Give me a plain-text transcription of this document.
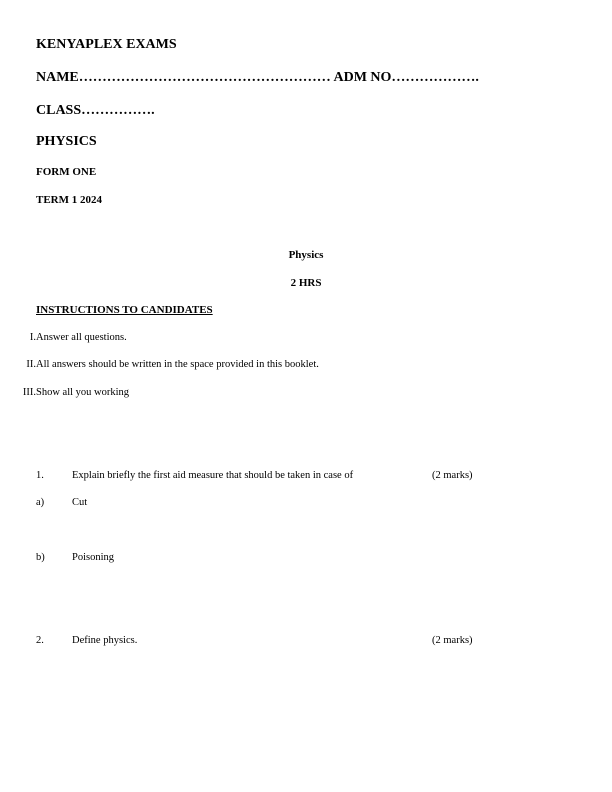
KENYAPLEX EXAMS
NAME……………………………………………… ADM NO……………….
CLASS…………….
PHYSICS
FORM ONE
TERM 1 2024
Physics
2 HRS
INSTRUCTIONS TO CANDIDATES
I.Answer all questions.
II.All answers should be written in the space provided in this booklet.
III.Show all you working
1.	Explain briefly the first aid measure that should be taken in case of	(2 marks)
a)	Cut
b)	Poisoning
2.	Define physics.	(2 marks)
